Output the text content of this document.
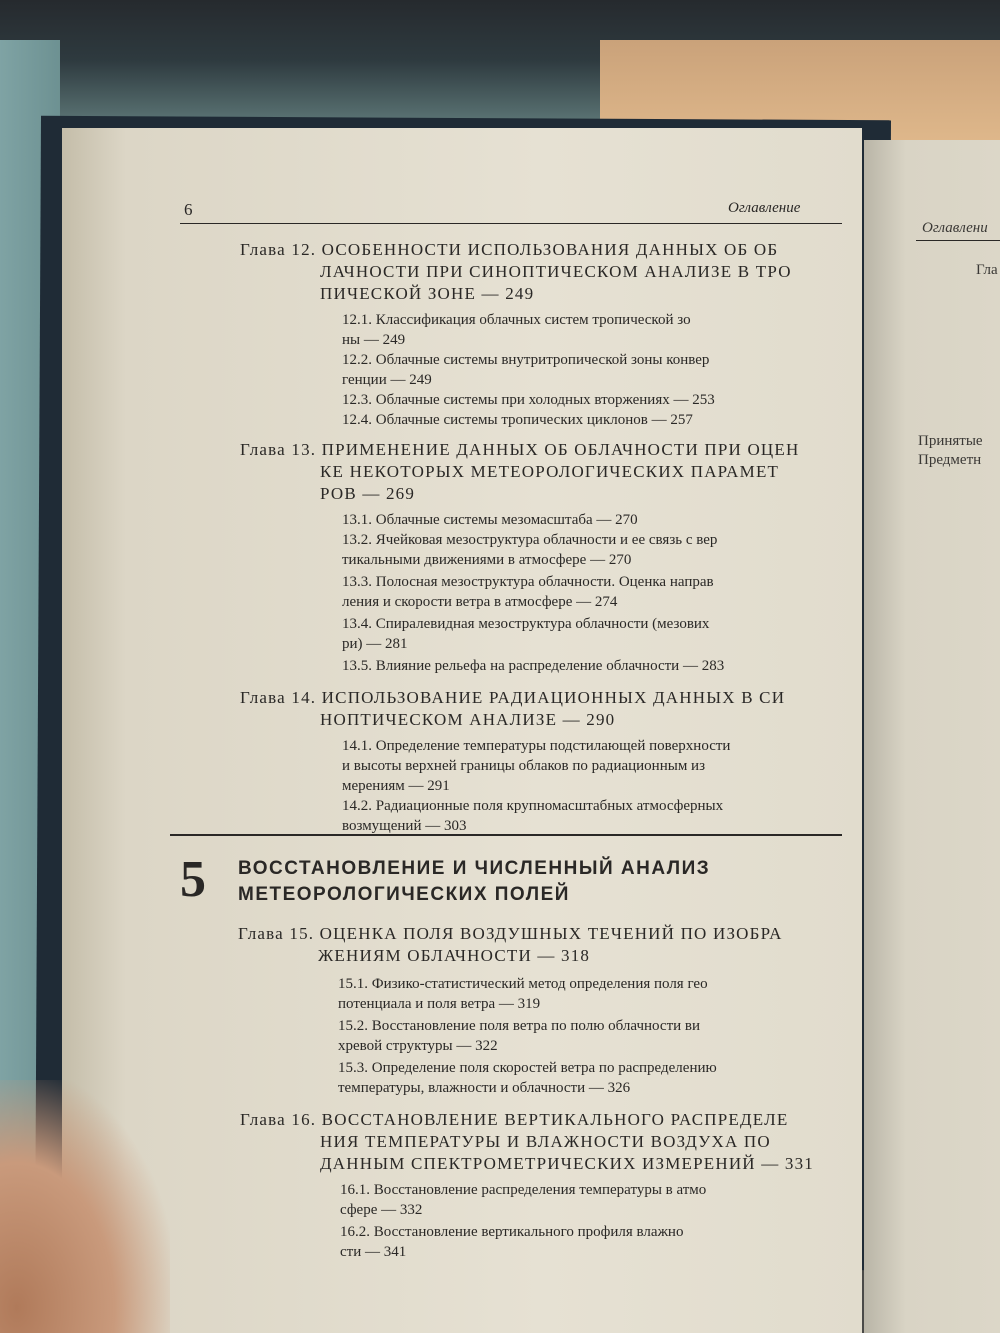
Оглавлени
Гла
Принятые
Предметн
6	Оглавление
Глава 12. ОСОБЕННОСТИ ИСПОЛЬЗОВАНИЯ ДАННЫХ ОБ ОБ
ЛАЧНОСТИ ПРИ СИНОПТИЧЕСКОМ АНАЛИЗЕ В ТРО
ПИЧЕСКОЙ ЗОНЕ — 249
12.1. Классификация облачных систем тропической зо
ны — 249
12.2. Облачные системы внутритропической зоны конвер
генции — 249
12.3. Облачные системы при холодных вторжениях — 253
12.4. Облачные системы тропических циклонов — 257
Глава 13. ПРИМЕНЕНИЕ ДАННЫХ ОБ ОБЛАЧНОСТИ ПРИ ОЦЕН
КЕ НЕКОТОРЫХ МЕТЕОРОЛОГИЧЕСКИХ ПАРАМЕТ
РОВ — 269
13.1. Облачные системы мезомасштаба — 270
13.2. Ячейковая мезоструктура облачности и ее связь с вер
тикальными движениями в атмосфере — 270
13.3. Полосная мезоструктура облачности. Оценка направ
ления и скорости ветра в атмосфере — 274
13.4. Спиралевидная мезоструктура облачности (мезових
ри) — 281
13.5. Влияние рельефа на распределение облачности — 283
Глава 14. ИСПОЛЬЗОВАНИЕ РАДИАЦИОННЫХ ДАННЫХ В СИ
НОПТИЧЕСКОМ АНАЛИЗЕ — 290
14.1. Определение температуры подстилающей поверхности
и высоты верхней границы облаков по радиационным из
мерениям — 291
14.2. Радиационные поля крупномасштабных атмосферных
возмущений — 303
5 ВОССТАНОВЛЕНИЕ И ЧИСЛЕННЫЙ АНАЛИЗ
МЕТЕОРОЛОГИЧЕСКИХ ПОЛЕЙ
Глава 15. ОЦЕНКА ПОЛЯ ВОЗДУШНЫХ ТЕЧЕНИЙ ПО ИЗОБРА
ЖЕНИЯМ ОБЛАЧНОСТИ — 318
15.1. Физико-статистический метод определения поля гео
потенциала и поля ветра — 319
15.2. Восстановление поля ветра по полю облачности ви
хревой структуры — 322
15.3. Определение поля скоростей ветра по распределению
температуры, влажности и облачности — 326
Глава 16. ВОССТАНОВЛЕНИЕ ВЕРТИКАЛЬНОГО РАСПРЕДЕЛЕ
НИЯ ТЕМПЕРАТУРЫ И ВЛАЖНОСТИ ВОЗДУХА ПО
ДАННЫМ СПЕКТРОМЕТРИЧЕСКИХ ИЗМЕРЕНИЙ — 331
16.1. Восстановление распределения температуры в атмо
сфере — 332
16.2. Восстановление вертикального профиля влажно
сти — 341
